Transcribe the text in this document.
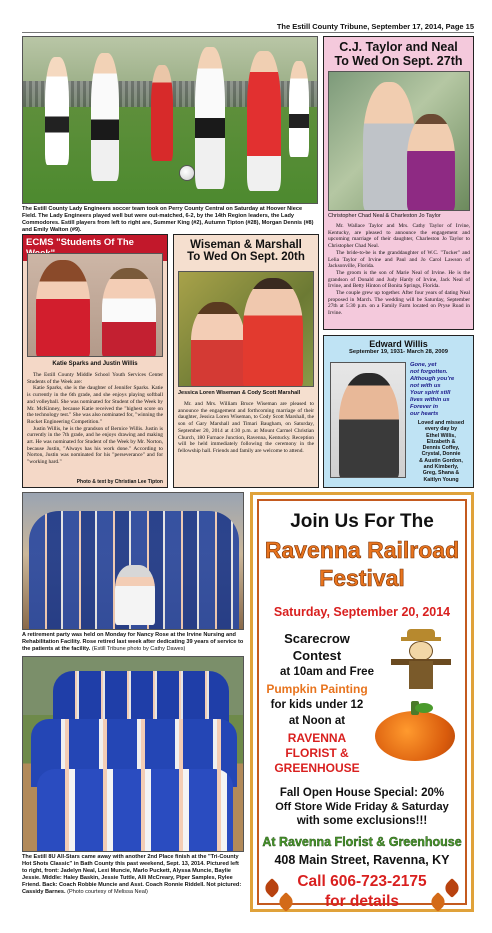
The Estill County Tribune, September 17, 2014, Page 15
The Estill County Lady Engineers soccer team took on Perry County Central on Saturday at Hoover Niece Field. The Lady Engineers played well but were out-matched, 6-2, by the 14th Region leaders, the Lady Commodores. Estill players from left to right are, Summer King (#2), Autumn Tipton (#28), Morgan Dennis (#8) and Emily Walton (#9).
C.J. Taylor and Neal
To Wed On Sept. 27th
Christopher Chad Neal & Charleston Jo Taylor

Mr. Wallace Taylor and Mrs. Cathy Taylor of Irvine, Kentucky, are pleased to announce the engagement and upcoming marriage of their daughter, Charleston Jo Taylor to Christopher Chad Neal.

The bride-to-be is the granddaughter of W.C. "Tucker" and Lelia Taylor of Irvine and Paul and Jo Carol Lawson of Jacksonville, Florida.

The groom is the son of Marie Neal of Irvine. He is the grandson of Donald and Judy Hardy of Irvine, Jack Neal of Irvine, and Betty Hinton of Bonita Springs, Florida.

The couple grew up together. After four years of dating Neal proposed in March. The wedding will be Saturday, September 27th at 5:30 p.m. on a Family Farm located on Pryse Road in Irvine.

ECMS "Students Of The
Katie Sparks and Justin Willis

The Estill County Middle School Youth Services Center Students of the Week are:

Katie Sparks, she is the daughter of Jennifer Sparks. Katie is currently in the 6th grade, and she enjoys playing softball and volleyball. She was nominated for Student of the Week by Mr. McKinney, because Katie received the "highest score on the technology test." She was also nominated for, "winning the Rocket Engineering Competition."

Justin Willis, he is the grandson of Bernice Willis. Justin is currently in the 7th grade, and he enjoys drawing and making art. He was nominated for Student of the Week by Mr. Norton, because Justin, "Always has his work done." According to Norton, Justin was nominated for his "perseverance" and for "working hard."

Photo & text by Christian Lee Tipton
Wiseman & Marshall
To Wed On Sept. 20th
Jessica Loren Wiseman & Cody Scott Marshall

Mr. and Mrs. William Bruce Wiseman are pleased to announce the engagement and forthcoming marriage of their daughter, Jessica Loren Wiseman, to Cody Scott Marshall, the son of Gary Marshall and Timari Baugham, on Saturday, September 20, 2014 at 4:30 p.m. at Mount Carmel Christian Church, 180 Furnace Junction, Ravenna, Kentucky. Reception will be held immediately following the ceremony in the fellowship hall. Friends and family are welcome to attend.

Edward Willis
September 19, 1931- March 28, 2009
Gone, yet
not forgotten.
Although you're
not with us
Your spirit still
lives within us
Forever in
our hearts
Loved and missed
every day by
Ethel Willis,
Elizabeth &
Dennis Coffey,
Crystal, Donnie
& Austin Gordon,
and Kimberly,
Greg, Shana &
Kaitlyn Young
A retirement party was held on Monday for Nancy Rose at the Irvine Nursing and Rehabilitation Facility. Rose retired last week after dedicating 39 years of service to the patients at the facility. (Estill Tribune photo by Cathy Dawes)
The Estill 8U All-Stars came away with another 2nd Place finish at the "Tri-County Hot Shots Classic" in Bath County this past weekend, Sept. 13, 2014. Pictured left to right, front: Jadelyn Neal, Lexi Muncie, Marlo Puckett, Alyssa Muncie, Baylie Jessie. Middle: Haley Baskin, Jessie Tuttle, Alli McCreary, Piper Samples, Rylee Friend. Back: Coach Robbie Muncie and Asst. Coach Ronnie Riddell. Not pictured: Cassidy Barnes. (Photo courtesy of Melissa Neal)
Join Us For The
Ravenna Railroad
Festival
Saturday, September 20, 2014
Scarecrow
Contest
at 10am and Free
Pumpkin Painting
for kids under 12
at Noon at
RAVENNA
FLORIST &
GREENHOUSE
Fall Open House Special: 20%
Off Store Wide Friday & Saturday
with some exclusions!!!
At Ravenna Florist & Greenhouse
408 Main Street, Ravenna, KY
Call 606-723-2175
for details
